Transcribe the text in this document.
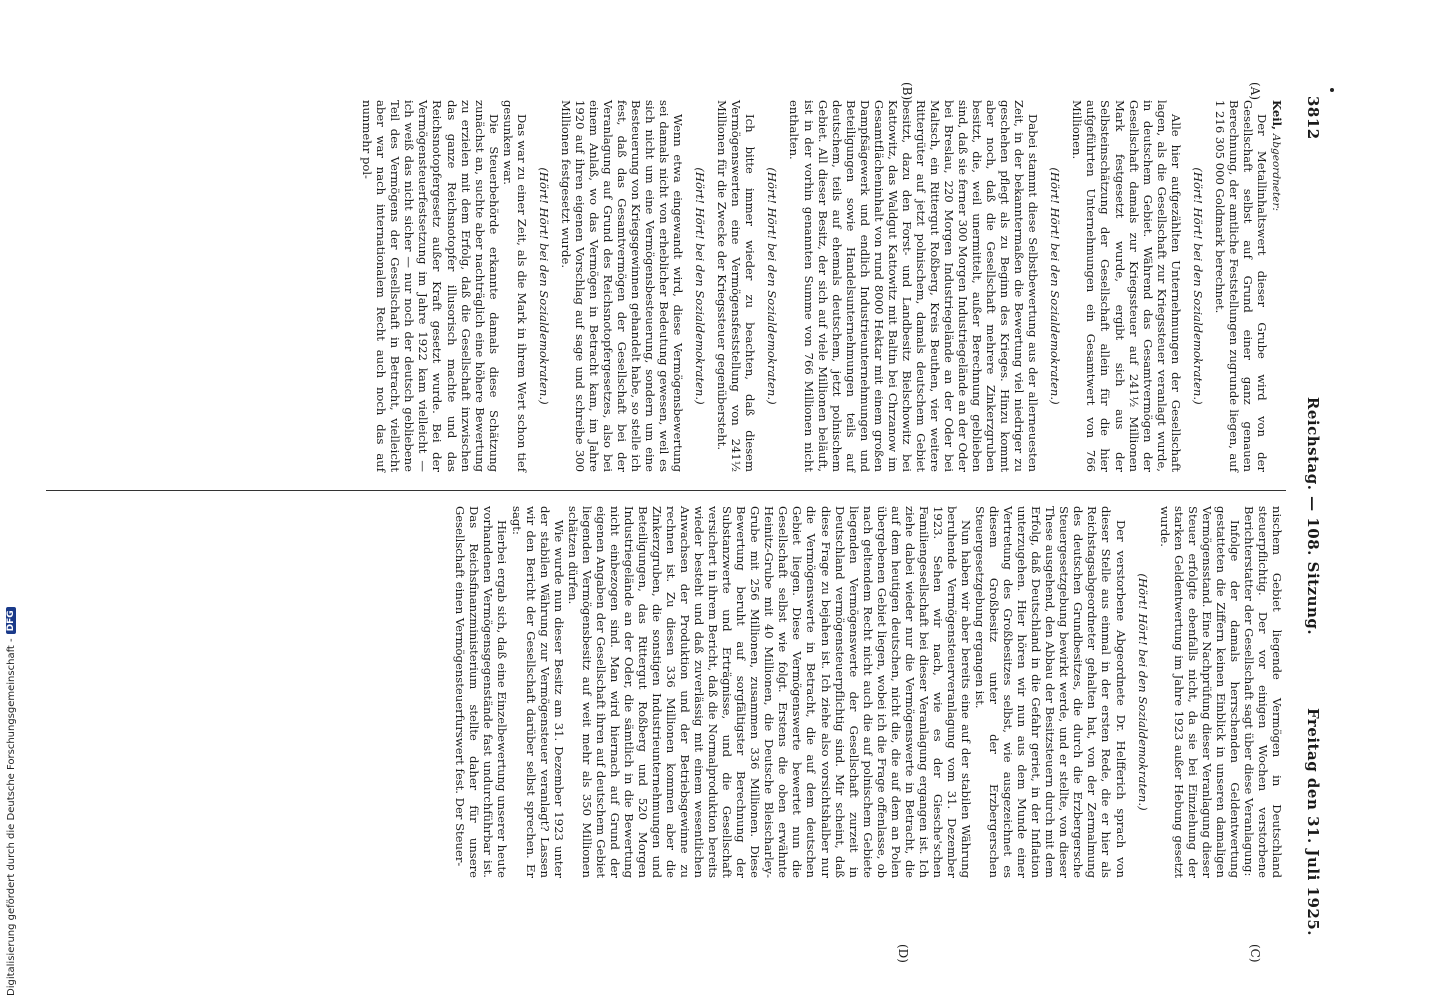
3812
Reichstag. — 108. Sitzung.
Freitag den 31. Juli 1925.
(A)
(B)
(C)
(D)

Keil, Abgeordneter:

Der Metallinhaltswert dieser Grube wird von der Gesellschaft selbst auf Grund einer ganz genauen Berechnung, der amtliche Feststellungen zugrunde liegen, auf 1 216 305 000 Goldmark berechnet.

(Hört! Hört! bei den Sozialdemokraten.)

Alle hier aufgezählten Unternehmungen der Gesellschaft lagen, als die Gesellschaft zur Kriegssteuer veranlagt wurde, in deutschem Gebiet. Während das Gesamtvermögen der Gesellschaft damals zur Kriegssteuer auf 241½ Millionen Mark festgesetzt wurde, ergibt sich aus der Selbsteinschätzung der Gesellschaft allein für die hier aufgeführten Unternehmungen ein Gesamtwert von 766 Millionen.

(Hört! Hört! bei den Sozialdemokraten.)

Dabei stammt diese Selbstbewertung aus der allerneuesten Zeit, in der bekanntermaßen die Bewertung viel niedriger zu geschehen pflegt als zu Beginn des Krieges. Hinzu kommt aber noch, daß die Gesellschaft mehrere Zinkerzgruben besitzt, die, weil unermittelt, außer Berechnung geblieben sind, daß sie ferner 300 Morgen Industriegelände an der Oder bei Breslau, 220 Morgen Industriegelände an der Oder bei Maltsch, ein Rittergut Roßberg, Kreis Beuthen, vier weitere Rittergüter auf jetzt polnischem, damals deutschem Gebiet besitzt, dazu den Forst- und Landbesitz Bielschowitz bei Kattowitz, das Waldgut Kattowitz mit Baltin bei Chrzanow im Gesamtflächeninhalt von rund 8000 Hektar mit einem großen Dampfsägewerk und endlich Industrieunternehmungen und Beteiligungen sowie Handelsunternehmungen teils auf deutschem, teils auf ehemals deutschem, jetzt polnischem Gebiet. All dieser Besitz, der sich auf viele Millionen beläuft, ist in der vorhin genannten Summe von 766 Millionen nicht enthalten.

(Hört! Hört! bei den Sozialdemokraten.)

Ich bitte immer wieder zu beachten, daß diesem Vermögenswerten eine Vermögensfeststellung von 241½ Millionen für die Zwecke der Kriegssteuer gegenübersteht.

(Hört! Hört! bei den Sozialdemokraten.)

Wenn etwa eingewandt wird, diese Vermögensbewertung sei damals nicht von erheblicher Bedeutung gewesen, weil es sich nicht um eine Vermögensbesteuerung, sondern um eine Besteuerung von Kriegsgewinnen gehandelt habe, so stelle ich fest, daß das Gesamtvermögen der Gesellschaft bei der Veranlagung auf Grund des Reichsnotopfergesetzes, also bei einem Anlaß, wo das Vermögen in Betracht kam, im Jahre 1920 auf ihren eigenen Vorschlag auf sage und schreibe 300 Millionen festgesetzt wurde.

(Hört! Hört! bei den Sozialdemokraten.)

Das war zu einer Zeit, als die Mark in ihrem Wert schon tief gesunken war.

Die Steuerbehörde erkannte damals diese Schätzung zunächst an, suchte aber nachträglich eine höhere Bewertung zu erzielen mit dem Erfolg, daß die Gesellschaft inzwischen das ganze Reichsnotopfer illusorisch machte und das Reichsnotopfergesetz außer Kraft gesetzt wurde. Bei der Vermögensteuerfestsetzung im Jahre 1922 kam vielleicht — ich weiß das nicht sicher — nur noch der deutsch gebliebene Teil des Vermögens der Gesellschaft in Betracht, vielleicht aber war nach internationalem Recht auch noch das auf nunmehr pol-

nischem Gebiet liegende Vermögen in Deutschland steuerpflichtig. Der vor einigen Wochen verstorbene Berichterstatter der Gesellschaft sagt über diese Veranlagung:

Infolge der damals herrschenden Geldentwertung gestatteten die Ziffern keinen Einblick in unseren damaligen Vermögensstand. Eine Nachprüfung dieser Veranlagung dieser Steuer erfolgte ebenfalls nicht, da sie bei Einziehung der starken Geldentwertung im Jahre 1923 außer Hebung gesetzt wurde.

(Hört! Hört! bei den Sozialdemokraten.)

Der verstorbene Abgeordnete Dr. Helfferich sprach von dieser Stelle aus einmal in der ersten Rede, die er hier als Reichstagsabgeordneter gehalten hat, von der Zermalmung des deutschen Grundbesitzes, die durch die Erzbergersche Steuergesetzgebung bewirkt werde, und er stellte, von dieser These ausgehend, den Abbau der Besitzsteuern durch mit dem Erfolg, daß Deutschland in die Gefahr geriet, in der Inflation unterzugehen. Hier hören wir nun aus dem Munde einer Vertretung des Großbesitzes selbst, wie ausgezeichnet es diesem Großbesitz unter der Erzbergerschen Steuergesetzgebung ergangen ist.

Nun haben wir aber bereits eine auf der stabilen Währung beruhende Vermögensteuerveranlagung vom 31. Dezember 1923. Sehen wir nach, wie es der Giesche'schen Familiengesellschaft bei dieser Veranlagung ergangen ist. Ich ziehe dabei wieder nur die Vermögenswerte in Betracht, die auf dem heutigen deutschen, nicht die, die auf dem an Polen übergebenen Gebiet liegen, wobei ich die Frage offenlasse, ob nach geltendem Recht nicht auch die auf polnischem Gebiete liegenden Vermögenswerte der Gesellschaft zurzeit in Deutschland vermögensteuerpflichtig sind. Mir scheint, daß diese Frage zu bejahen ist. Ich ziehe also vorsichtshalber nur die Vermögenswerte in Betracht, die auf dem deutschen Gebiet liegen. Diese Vermögenswerte bewertet nun die Gesellschaft selbst wie folgt. Erstens die oben erwähnte Heinitz-Grube mit 40 Millionen, die Deutsche Bleischarley-Grube mit 256 Millionen, zusammen 336 Millionen. Diese Bewertung beruht auf sorgfältigster Berechnung der Substanzwerte und Erträgnisse, und die Gesellschaft versichert in ihrem Bericht, daß die Normalproduktion bereits wieder besteht und daß zuverlässig mit einem wesentlichen Anwachsen der Produktion und der Betriebsgewinne zu rechnen ist. Zu diesen 336 Millionen kommen aber die Zinkerzgruben, die sonstigen Industrieunternehmungen und Beteiligungen, das Rittergut Roßberg und 520 Morgen Industriegelände an der Oder, die sämtlich in die Bewertung nicht einbezogen sind. Man wird hiernach auf Grund der eigenen Angaben der Gesellschaft ihren auf deutschem Gebiet liegenden Vermögensbesitz auf weit mehr als 350 Millionen schätzen dürfen.

Wie wurde nun dieser Besitz am 31. Dezember 1923 unter der stabilen Währung zur Vermögensteuer veranlagt? Lassen wir den Bericht der Gesellschaft darüber selbst sprechen. Er sagt:

Hierbei ergab sich, daß eine Einzelbewertung unserer heute vorhandenen Vermögensgegenstände fast undurchführbar ist. Das Reichsfinanzministerium stellte daher für unsere Gesellschaft einen Vermögensteuerfurswert fest. Der Steuer-

Digitalisierung gefördert durch die Deutsche Forschungsgemeinschaft -
DFG
